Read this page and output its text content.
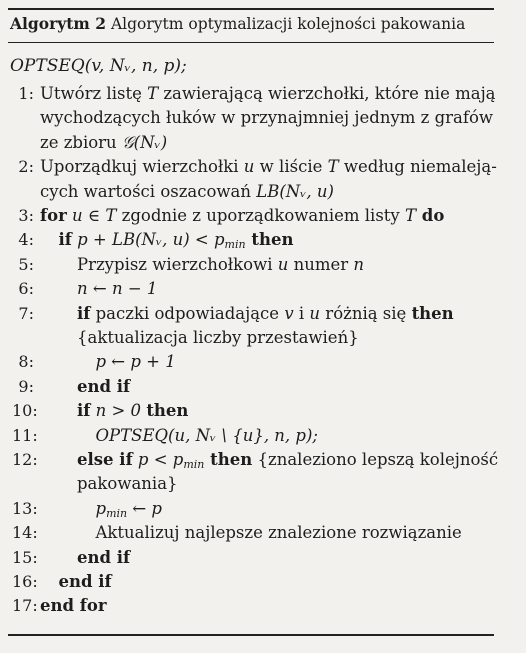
Algorytm 2 Algorytm optymalizacji kolejności pakowania
OPTSEQ(v, Nᵥ, n, p);
1: Utwórz listę T zawierającą wierzchołki, które nie mają
wychodzących łuków w przynajmniej jednym z grafów
ze zbioru 𝒢(Nᵥ)
2: Uporządkuj wierzchołki u w liście T według niemaleją-
cych wartości oszacowań LB(Nᵥ, u)
3: for u ∈ T zgodnie z uporządkowaniem listy T do
4: if p + LB(Nᵥ, u) < pmin then
5:	Przypisz wierzchołkowi u numer n
6:	n ← n − 1
7:	if paczki odpowiadające v i u różnią się then
{aktualizacja liczby przestawień}
8:	p ← p + 1
9:	end if
10: if n > 0 then
11:	OPTSEQ(u, Nᵥ \ {u}, n, p);
12: else if p < pmin then {znaleziono lepszą kolejność
pakowania}
13:	pmin ← p
14:	Aktualizuj najlepsze znalezione rozwiązanie
15: end if
16: end if
17: end for
